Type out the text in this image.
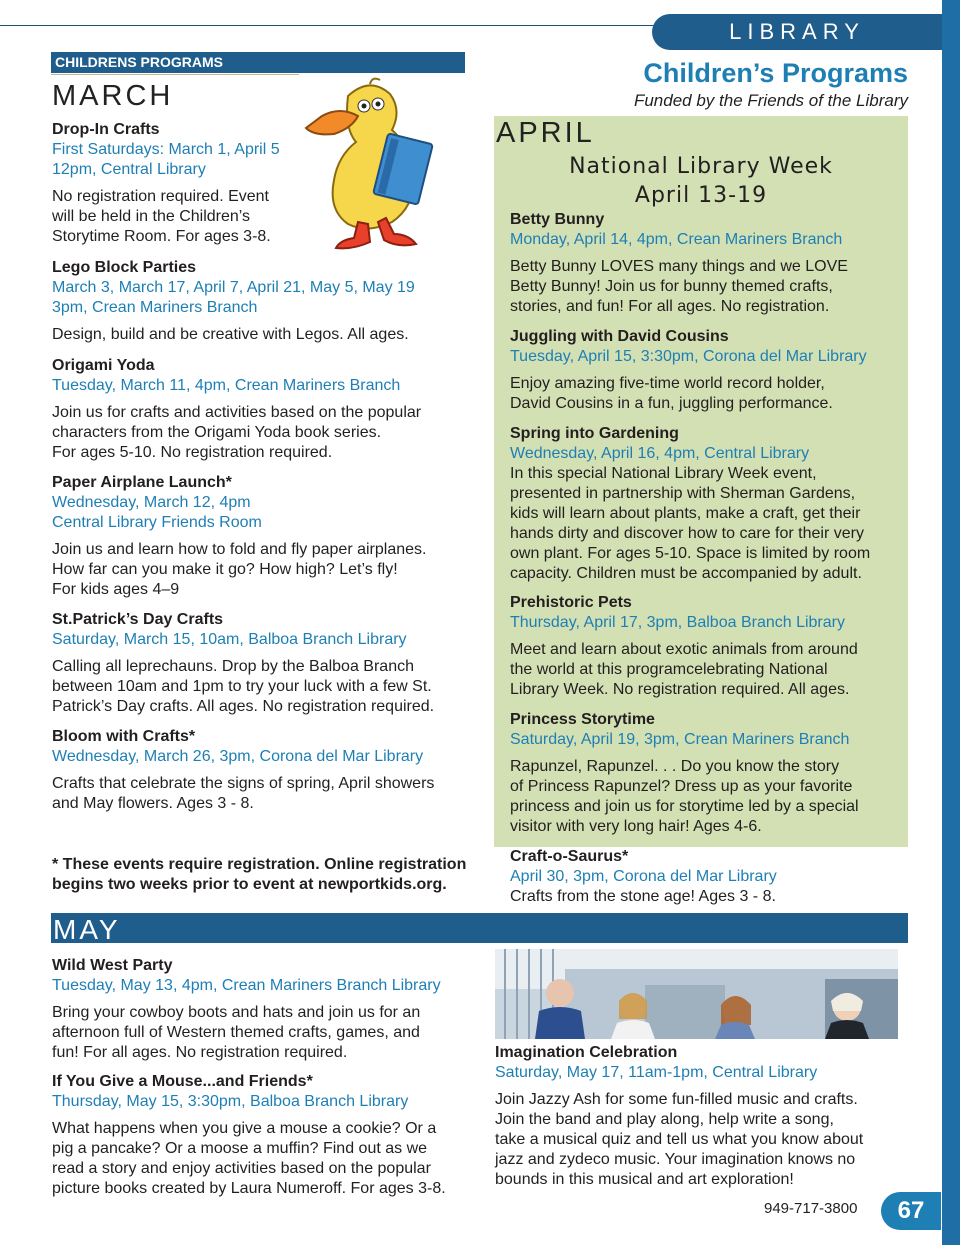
LIBRARY
CHILDRENS PROGRAMS
MARCH

Drop-In Crafts

First Saturdays: March 1, April 5

12pm, Central Library

No registration required. Event

will be held in the Children’s

Storytime Room. For ages 3-8.

Lego Block Parties

March 3, March 17, April 7, April 21, May 5, May 19

3pm, Crean Mariners Branch

Design, build and be creative with Legos. All ages.

Origami Yoda

Tuesday, March 11, 4pm, Crean Mariners Branch

Join us for crafts and activities based on the popular

characters from the Origami Yoda book series.

For ages 5-10. No registration required.

Paper Airplane Launch*

Wednesday, March 12, 4pm

Central Library Friends Room

Join us and learn how to fold and fly paper airplanes.

How far can you make it go? How high? Let’s fly!

For kids ages 4–9

St.Patrick’s Day Crafts

Saturday, March 15, 10am, Balboa Branch Library

Calling all leprechauns. Drop by the Balboa Branch

between 10am and 1pm to try your luck with a few St.

Patrick’s Day crafts. All ages. No registration required.

Bloom with Crafts*

Wednesday, March 26, 3pm, Corona del Mar Library

Crafts that celebrate the signs of spring, April showers

and May flowers. Ages 3 - 8.

* These events require registration. Online registration
begins two weeks prior to event at newportkids.org.
Children’s Programs
Funded by the Friends of the Library
APRIL
National Library Week
April 13-19

Betty Bunny

Monday, April 14, 4pm, Crean Mariners Branch

Betty Bunny LOVES many things and we LOVE

Betty Bunny! Join us for bunny themed crafts,

stories, and fun! For all ages. No registration.

Juggling with David Cousins

Tuesday, April 15, 3:30pm, Corona del Mar Library

Enjoy amazing five-time world record holder,

David Cousins in a fun, juggling performance.

Spring into Gardening

Wednesday, April 16, 4pm, Central Library

In this special National Library Week event,

presented in partnership with Sherman Gardens,

kids will learn about plants, make a craft, get their

hands dirty and discover how to care for their very

own plant. For ages 5-10. Space is limited by room

capacity. Children must be accompanied by adult.

Prehistoric Pets

Thursday, April 17, 3pm, Balboa Branch Library

Meet and learn about exotic animals from around

the world at this programcelebrating National

Library Week. No registration required. All ages.

Princess Storytime

Saturday, April 19, 3pm, Crean Mariners Branch

Rapunzel, Rapunzel. . . Do you know the story

of Princess Rapunzel? Dress up as your favorite

princess and join us for storytime led by a special

visitor with very long hair! Ages 4-6.

Craft-o-Saurus*

April 30, 3pm, Corona del Mar Library

Crafts from the stone age! Ages 3 - 8.

MAY

Wild West Party

Tuesday, May 13, 4pm, Crean Mariners Branch Library

Bring your cowboy boots and hats and join us for an

afternoon full of Western themed crafts, games, and

fun! For all ages. No registration required.

If You Give a Mouse...and Friends*

Thursday, May 15, 3:30pm, Balboa Branch Library

What happens when you give a mouse a cookie? Or a

pig a pancake? Or a moose a muffin? Find out as we

read a story and enjoy activities based on the popular

picture books created by Laura Numeroff. For ages 3-8.

Imagination Celebration

Saturday, May 17, 11am-1pm, Central Library

Join Jazzy Ash for some fun-filled music and crafts.

Join the band and play along, help write a song,

take a musical quiz and tell us what you know about

jazz and zydeco music. Your imagination knows no

bounds in this musical and art exploration!

949-717-3800	67
